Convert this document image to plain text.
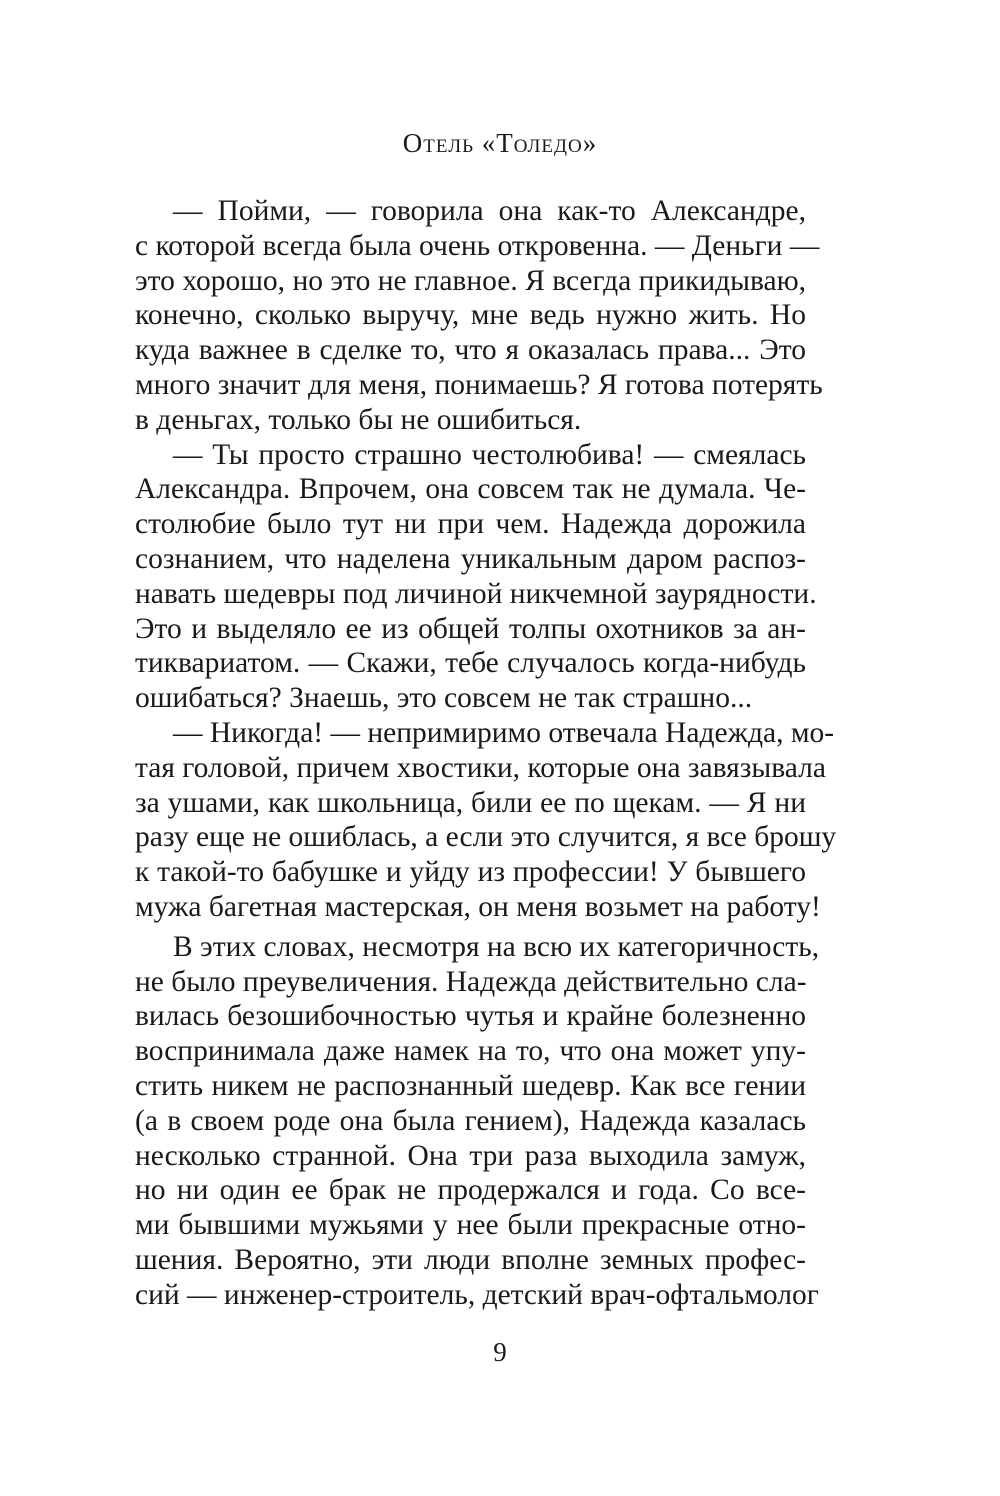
Отель «Толедо»
— Пойми, — говорила она как-то Александре,
с которой всегда была очень откровенна. — Деньги —
это хорошо, но это не главное. Я всегда прикидываю,
конечно, сколько выручу, мне ведь нужно жить. Но
куда важнее в сделке то, что я оказалась права... Это
много значит для меня, понимаешь? Я готова потерять
в деньгах, только бы не ошибиться.
— Ты просто страшно честолюбива! — смеялась
Александра. Впрочем, она совсем так не думала. Че-
столюбие было тут ни при чем. Надежда дорожила
сознанием, что наделена уникальным даром распоз-
навать шедевры под личиной никчемной заурядности.
Это и выделяло ее из общей толпы охотников за ан-
тиквариатом. — Скажи, тебе случалось когда-нибудь
ошибаться? Знаешь, это совсем не так страшно...
— Никогда! — непримиримо отвечала Надежда, мо-
тая головой, причем хвостики, которые она завязывала
за ушами, как школьница, били ее по щекам. — Я ни
разу еще не ошиблась, а если это случится, я все брошу
к такой-то бабушке и уйду из профессии! У бывшего
мужа багетная мастерская, он меня возьмет на работу!
В этих словах, несмотря на всю их категоричность,
не было преувеличения. Надежда действительно сла-
вилась безошибочностью чутья и крайне болезненно
воспринимала даже намек на то, что она может упу-
стить никем не распознанный шедевр. Как все гении
(а в своем роде она была гением), Надежда казалась
несколько странной. Она три раза выходила замуж,
но ни один ее брак не продержался и года. Со все-
ми бывшими мужьями у нее были прекрасные отно-
шения. Вероятно, эти люди вполне земных профес-
сий — инженер-строитель, детский врач-офтальмолог
9
